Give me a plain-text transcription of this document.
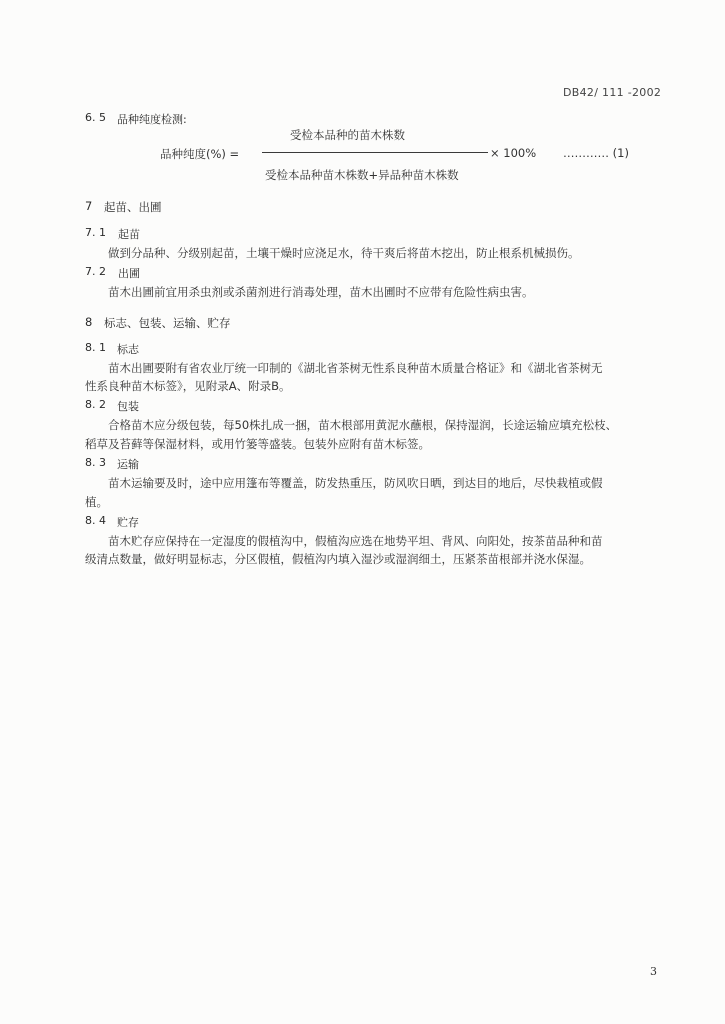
DB42/ 111 -2002
6. 5 品种纯度检测:
受检本品种的苗木株数
品种纯度(%) =	× 100% ………… (1)
受检本品种苗木株数+异品种苗木株数
7 起苗、出圃
7. 1 起苗
做到分品种、分级别起苗，土壤干燥时应浇足水，待干爽后将苗木挖出，防止根系机械损伤。
7. 2 出圃
苗木出圃前宜用杀虫剂或杀菌剂进行消毒处理，苗木出圃时不应带有危险性病虫害。
8 标志、包装、运输、贮存
8. 1 标志
苗木出圃要附有省农业厅统一印制的《湖北省茶树无性系良种苗木质量合格证》和《湖北省茶树无
性系良种苗木标签》，见附录A、附录B。
8. 2 包装
合格苗木应分级包装，每50株扎成一捆，苗木根部用黄泥水蘸根，保持湿润，长途运输应填充松枝、
稻草及苔藓等保湿材料，或用竹篓等盛装。包装外应附有苗木标签。
8. 3 运输
苗木运输要及时，途中应用篷布等覆盖，防发热重压，防风吹日晒，到达目的地后，尽快栽植或假
植。
8. 4 贮存
苗木贮存应保持在一定湿度的假植沟中，假植沟应选在地势平坦、背风、向阳处，按茶苗品种和苗
级清点数量，做好明显标志，分区假植，假植沟内填入湿沙或湿润细土，压紧茶苗根部并浇水保湿。
3
